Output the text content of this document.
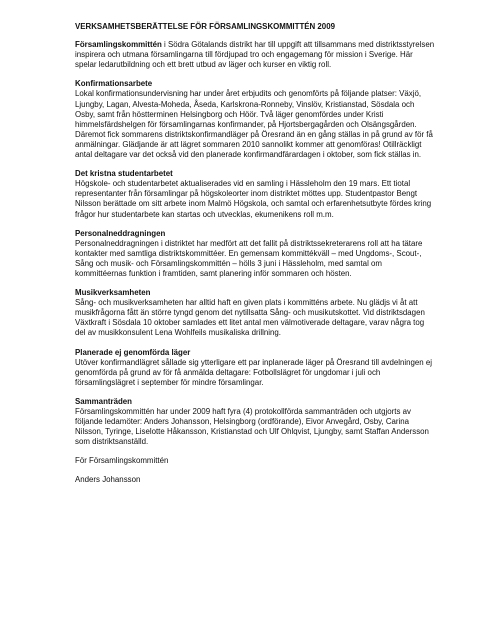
VERKSAMHETSBERÄTTELSE FÖR FÖRSAMLINGSKOMMITTÉN 2009
Församlingskommittén i Södra Götalands distrikt har till uppgift att tillsammans med distriktsstyrelsen inspirera och utmana församlingarna till fördjupad tro och engagemang för mission i Sverige. Här spelar ledarutbildning och ett brett utbud av läger och kurser en viktig roll.
Konfirmationsarbete
Lokal konfirmationsundervisning har under året erbjudits och genomförts på följande platser: Växjö, Ljungby, Lagan, Alvesta-Moheda, Åseda, Karlskrona-Ronneby, Vinslöv, Kristianstad, Sösdala och Osby, samt från höstterminen Helsingborg och Höör. Två läger genomfördes under Kristi himmelsfärdshelgen för församlingarnas konfirmander, på Hjortsbergagården och Olsängsgården. Däremot fick sommarens distriktskonfirmandläger på Öresrand än en gång ställas in på grund av för få anmälningar. Glädjande är att lägret sommaren 2010 sannolikt kommer att genomföras! Otillräckligt antal deltagare var det också vid den planerade konfirmandfärardagen i oktober, som fick ställas in.
Det kristna studentarbetet
Högskole- och studentarbetet aktualiserades vid en samling i Hässleholm den 19 mars. Ett tiotal representanter från församlingar på högskoleorter inom distriktet möttes upp. Studentpastor Bengt Nilsson berättade om sitt arbete inom Malmö Högskola, och samtal och erfarenhetsutbyte fördes kring frågor hur studentarbete kan startas och utvecklas, ekumenikens roll m.m.
Personalneddragningen
Personalneddragningen i distriktet har medfört att det fallit på distriktssekreterarens roll att ha tätare kontakter med samtliga distriktskommittéer. En gemensam kommittékväll – med Ungdoms-, Scout-, Sång och musik- och Församlingskommittén – hölls 3 juni i Hässleholm, med samtal om kommittéernas funktion i framtiden, samt planering inför sommaren och hösten.
Musikverksamheten
Sång- och musikverksamheten har alltid haft en given plats i kommitténs arbete. Nu glädjs vi åt att musikfrågorna fått än större tyngd genom det nytillsatta Sång- och musikutskottet. Vid distriktsdagen Växtkraft i Sösdala 10 oktober samlades ett litet antal men välmotiverade deltagare, varav några tog del av musikkonsulent Lena Wohlfeils musikaliska drillning.
Planerade ej genomförda läger
Utöver konfirmandlägret sållade sig ytterligare ett par inplanerade läger på Öresrand till avdelningen ej genomförda på grund av för få anmälda deltagare: Fotbollslägret för ungdomar i juli och församlingslägret i september för mindre församlingar.
Sammanträden
Församlingskommittén har under 2009 haft fyra (4) protokollförda sammanträden och utgjorts av följande ledamöter: Anders Johansson, Helsingborg (ordförande), Eivor Anvegård, Osby, Carina Nilsson, Tyringe, Liselotte Håkansson, Kristianstad och Ulf Ohlqvist, Ljungby, samt Staffan Andersson som distriktsanställd.
För Församlingskommittén
Anders Johansson
